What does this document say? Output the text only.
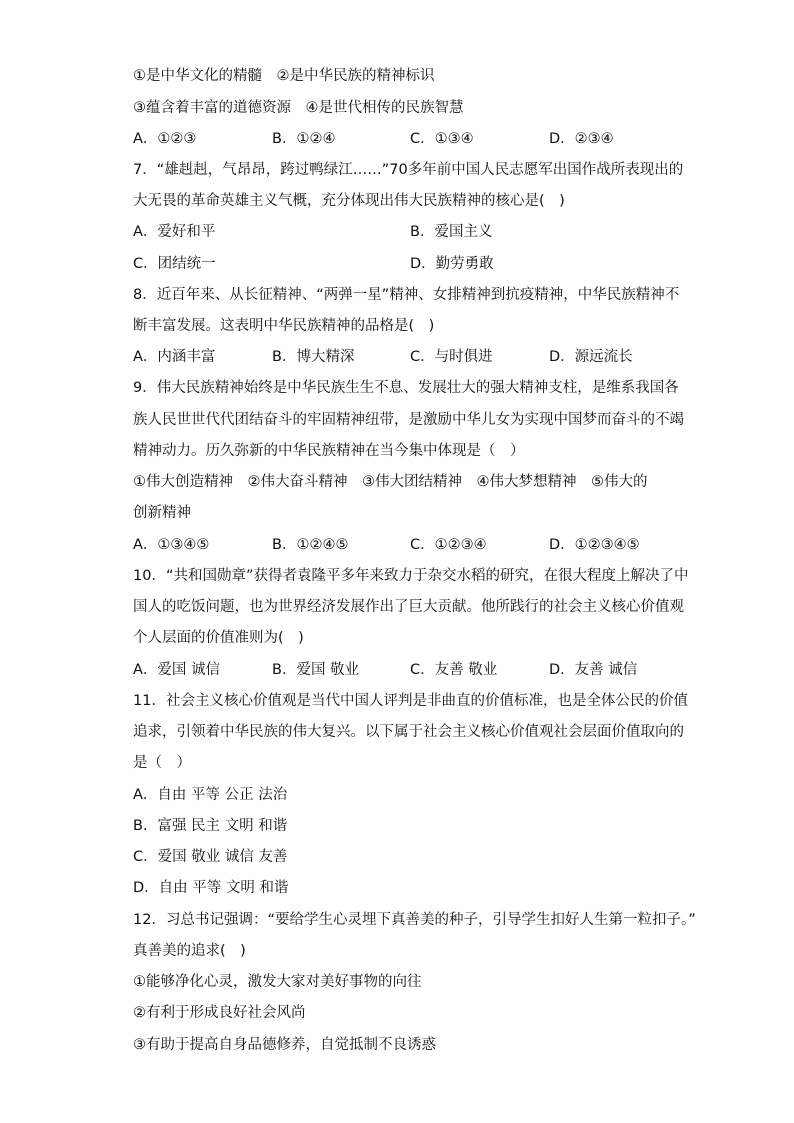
①是中华文化的精髓　②是中华民族的精神标识
③蕴含着丰富的道德资源　④是世代相传的民族智慧
A．①②③	B．①②④	C．①③④	D．②③④
7．“雄赳赳，气昂昂，跨过鸭绿江……”70多年前中国人民志愿军出国作战所表现出的
大无畏的革命英雄主义气概，充分体现出伟大民族精神的核心是(　)
A．爱好和平	B．爱国主义
C．团结统一	D．勤劳勇敢
8．近百年来、从长征精神、“两弹一星”精神、女排精神到抗疫精神，中华民族精神不
断丰富发展。这表明中华民族精神的品格是(　)
A．内涵丰富	B．博大精深	C．与时俱进	D．源远流长
9．伟大民族精神始终是中华民族生生不息、发展壮大的强大精神支柱，是维系我国各
族人民世世代代团结奋斗的牢固精神纽带，是激励中华儿女为实现中国梦而奋斗的不竭
精神动力。历久弥新的中华民族精神在当今集中体现是（　）
①伟大创造精神　②伟大奋斗精神　③伟大团结精神　④伟大梦想精神　⑤伟大的
创新精神
A．①③④⑤	B．①②④⑤	C．①②③④	D．①②③④⑤
10．“共和国勋章”获得者袁隆平多年来致力于杂交水稻的研究，在很大程度上解决了中
国人的吃饭问题，也为世界经济发展作出了巨大贡献。他所践行的社会主义核心价值观
个人层面的价值准则为(　)
A．爱国 诚信	B．爱国 敬业	C．友善 敬业	D．友善 诚信
11．社会主义核心价值观是当代中国人评判是非曲直的价值标准，也是全体公民的价值
追求，引领着中华民族的伟大复兴。以下属于社会主义核心价值观社会层面价值取向的
是（　）
A．自由 平等 公正 法治
B．富强 民主 文明 和谐
C．爱国 敬业 诚信 友善
D．自由 平等 文明 和谐
12．习总书记强调：“要给学生心灵埋下真善美的种子，引导学生扣好人生第一粒扣子。”
真善美的追求(　)
①能够净化心灵，激发大家对美好事物的向往
②有利于形成良好社会风尚
③有助于提高自身品德修养，自觉抵制不良诱惑
